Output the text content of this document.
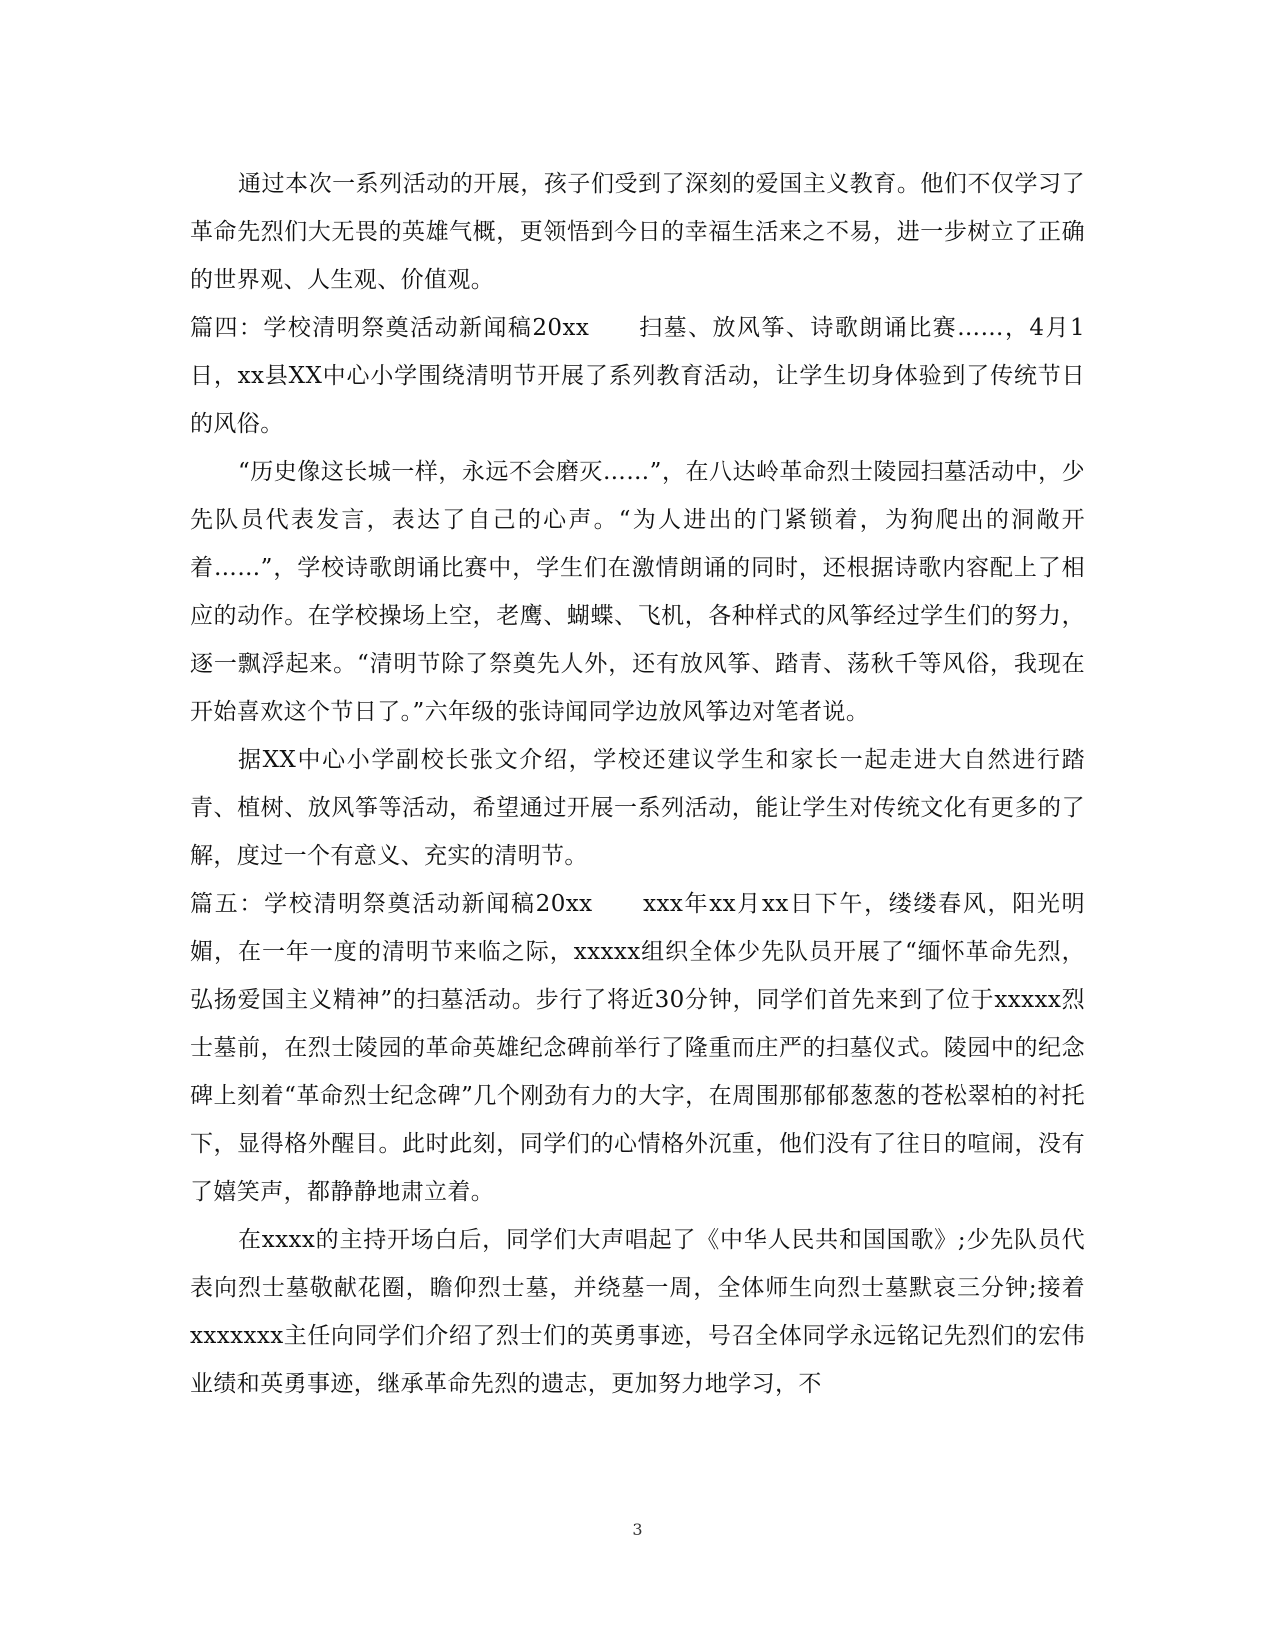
通过本次一系列活动的开展，孩子们受到了深刻的爱国主义教育。他们不仅学习了革命先烈们大无畏的英雄气概，更领悟到今日的幸福生活来之不易，进一步树立了正确的世界观、人生观、价值观。

篇四：学校清明祭奠活动新闻稿20xx　　扫墓、放风筝、诗歌朗诵比赛……，4月1日，xx县XX中心小学围绕清明节开展了系列教育活动，让学生切身体验到了传统节日的风俗。

“历史像这长城一样，永远不会磨灭……”，在八达岭革命烈士陵园扫墓活动中，少先队员代表发言，表达了自己的心声。“为人进出的门紧锁着，为狗爬出的洞敞开着……”，学校诗歌朗诵比赛中，学生们在激情朗诵的同时，还根据诗歌内容配上了相应的动作。在学校操场上空，老鹰、蝴蝶、飞机，各种样式的风筝经过学生们的努力，逐一飘浮起来。“清明节除了祭奠先人外，还有放风筝、踏青、荡秋千等风俗，我现在开始喜欢这个节日了。”六年级的张诗闻同学边放风筝边对笔者说。

据XX中心小学副校长张文介绍，学校还建议学生和家长一起走进大自然进行踏青、植树、放风筝等活动，希望通过开展一系列活动，能让学生对传统文化有更多的了解，度过一个有意义、充实的清明节。

篇五：学校清明祭奠活动新闻稿20xx　　xxx年xx月xx日下午，缕缕春风，阳光明媚，在一年一度的清明节来临之际，xxxxx组织全体少先队员开展了“缅怀革命先烈，弘扬爱国主义精神”的扫墓活动。步行了将近30分钟，同学们首先来到了位于xxxxx烈士墓前，在烈士陵园的革命英雄纪念碑前举行了隆重而庄严的扫墓仪式。陵园中的纪念碑上刻着“革命烈士纪念碑”几个刚劲有力的大字，在周围那郁郁葱葱的苍松翠柏的衬托下，显得格外醒目。此时此刻，同学们的心情格外沉重，他们没有了往日的喧闹，没有了嬉笑声，都静静地肃立着。

在xxxx的主持开场白后，同学们大声唱起了《中华人民共和国国歌》;少先队员代表向烈士墓敬献花圈，瞻仰烈士墓，并绕墓一周，全体师生向烈士墓默哀三分钟;接着xxxxxxx主任向同学们介绍了烈士们的英勇事迹，号召全体同学永远铭记先烈们的宏伟业绩和英勇事迹，继承革命先烈的遗志，更加努力地学习，不

3
